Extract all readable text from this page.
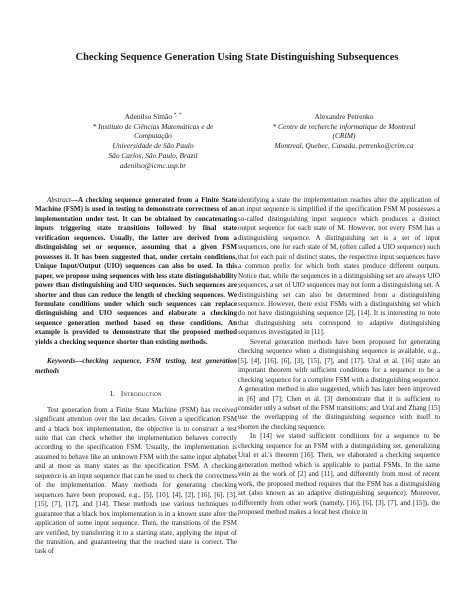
Checking Sequence Generation Using State Distinguishing Subsequences
Adenilso Simão *, *
* Instituto de Ciências Matemáticas e de
Computação
Universidade de São Paulo
São Carlos, São Paulo, Brazil
adenilso@icmc.usp.br
Alexandre Petrenko
* Centre de recherche informatique de Montreal
(CRIM)
Montreal, Quebec, Canada, petrenko@crim.ca

Abstract—A checking sequence generated from a Finite State Machine (FSM) is used in testing to demonstrate correctness of an implementation under test. It can be obtained by concatenating inputs triggering state transitions followed by final state verification sequences. Usually, the latter are derived from a distinguishing set or sequence, assuming that a given FSM possesses it. It has been suggested that, under certain conditions, Unique Input/Output (UIO) sequences can also be used. In this paper, we propose using sequences with less state distinguishability power than distinguishing and UIO sequences. Such sequences are shorter and thus can reduce the length of checking sequences. We formulate conditions under which such sequences can replace distinguishing and UIO sequences and elaborate a checking sequence generation method based on these conditions. An example is provided to demonstrate that the proposed method yields a checking sequence shorter than existing methods.

Keywords—checking sequence, FSM testing, test generation methods

I. Introduction

Test generation from a Finite State Machine (FSM) has received significant attention over the last decades. Given a specification FSM and a black box implementation, the objective is to construct a test suite that can check whether the implementation behaves correctly according to the specification FSM. Usually, the implementation is assumed to behave like an unknown FSM with the same input alphabet and at most as many states as the specification FSM. A checking sequence is an input sequence that can be used to check the correctness of the implementation. Many methods for generating checking sequences have been proposed, e.g., [5], [10], [4], [2], [16], [6], [3], [15], [7], [17], and [14]. These methods use various techniques to guarantee that a black box implementation is in a known state after the application of some input sequence. Then, the transitions of the FSM are verified, by transferring it to a starting state, applying the input of the transition, and guaranteeing that the reached state is correct. The task of

identifying a state the implementation reaches after the application of an input sequence is simplified if the specification FSM M possesses a so-called distinguishing input sequence which produces a distinct output sequence for each state of M. However, not every FSM has a distinguishing sequence. A distinguishing set is a set of input sequences, one for each state of M, (often called a UIO sequence) such that for each pair of distinct states, the respective input sequences have a common prefix for which both states produce different outputs. Notice that, while the sequences in a distinguishing set are always UIO sequences, a set of UIO sequences may not form a distinguishing set. A distinguishing set can also be determined from a distinguishing sequence. However, there exist FSMs with a distinguishing set which do not have distinguishing sequence [2], [14]. It is interesting to note that distinguishing sets correspond to adaptive distinguishing sequences investigated in [11].

Several generation methods have been proposed for generating checking sequence when a distinguishing sequence is available, e.g., [5], [4], [16], [6], [3], [15], [7], and [17]. Ural et al. [16] state an important theorem with sufficient conditions for a sequence to be a checking sequence for a complete FSM with a distinguishing sequence. A generation method is also suggested, which has later been improved in [6] and [7]; Chen et al. [3] demonstrate that it is sufficient to consider only a subset of the FSM transitions; and Ural and Zhang [15] use the overlapping of the distinguishing sequence with itself to shorten the checking sequence.

In [14] we stated sufficient conditions for a sequence to be checking sequence for an FSM with a distinguishing set, generalizing Ural et al.'s theorem [16]. Then, we elaborated a checking sequence generation method which is applicable to partial FSMs. In the same vein as the work of [2] and [11], and differently from most of recent work, the proposed method requires that the FSM has a distinguishing set (also known as an adaptive distinguishing sequence). Moreover, differently from other work (namely, [16], [6], [3], [7], and [15]), the proposed method makes a local best choice in
